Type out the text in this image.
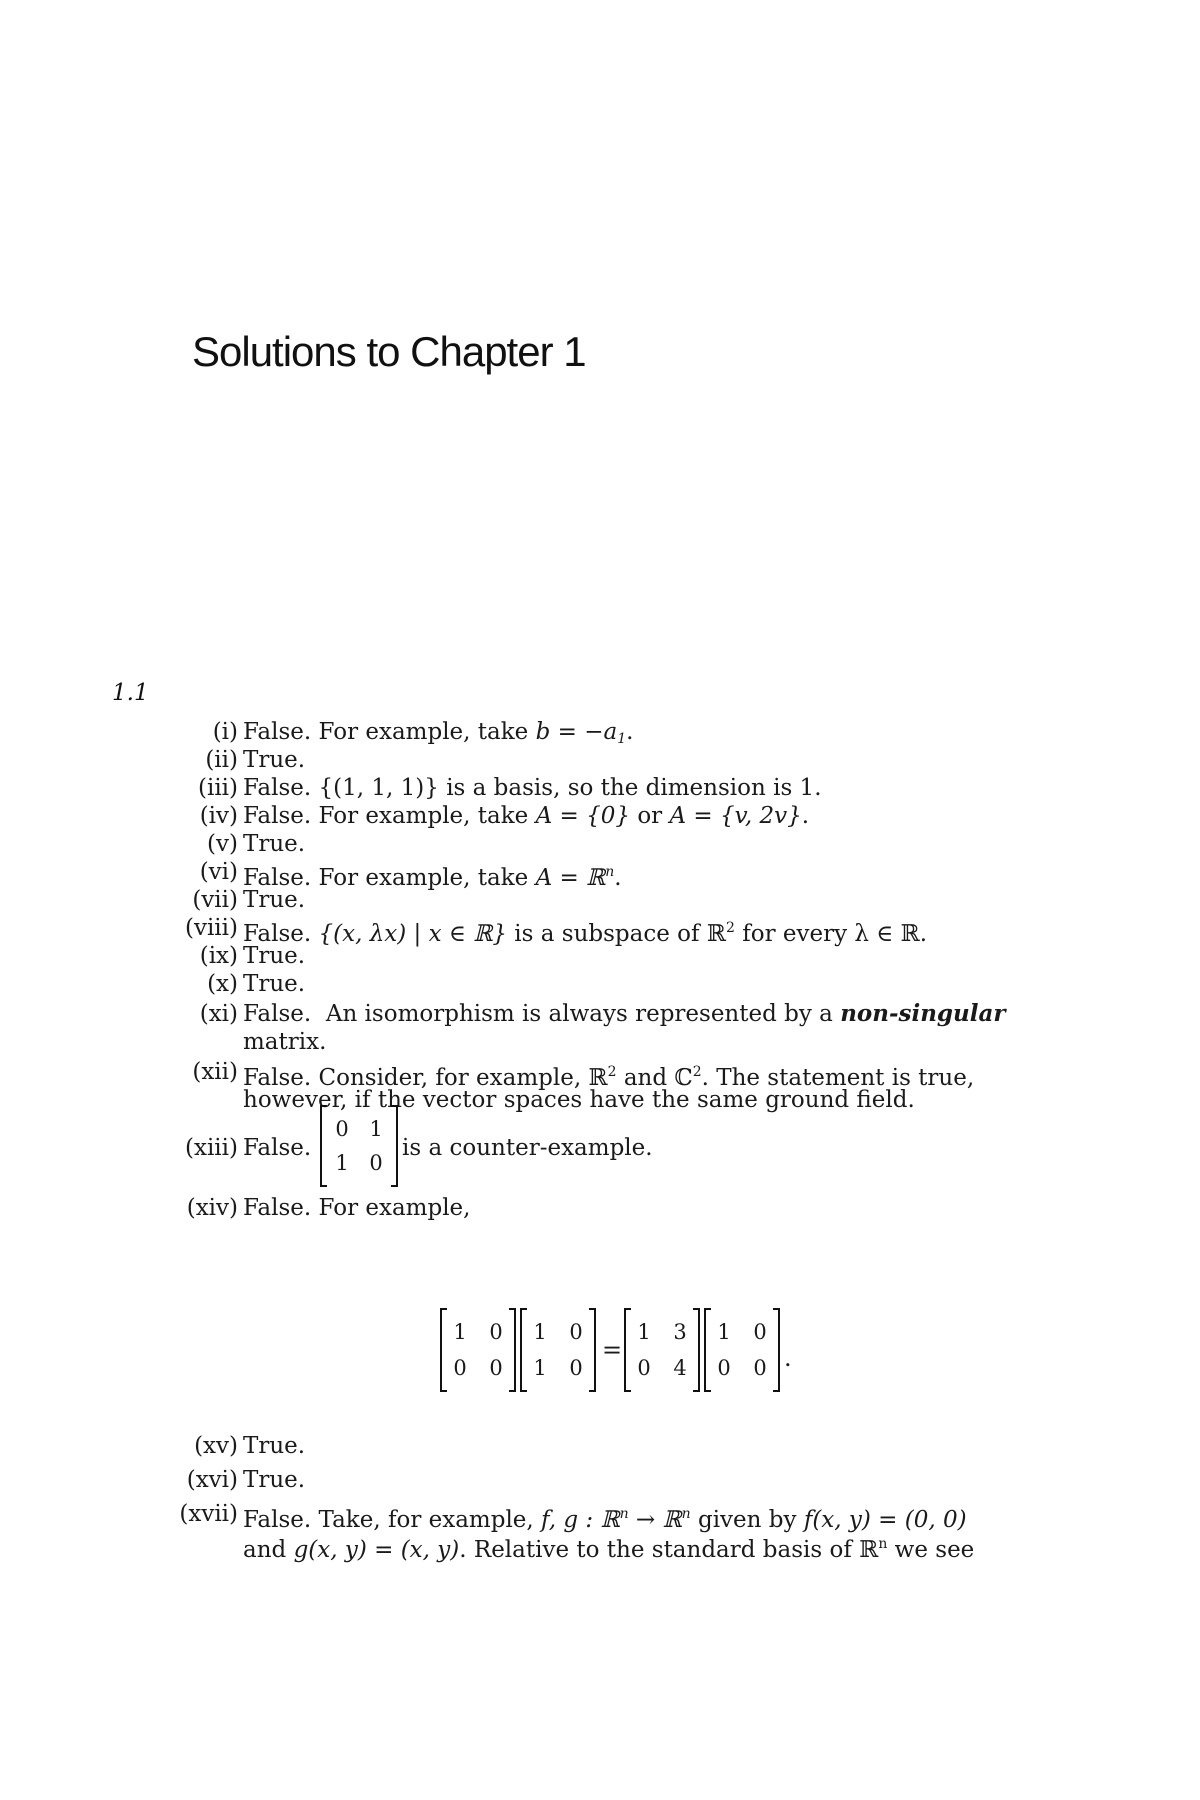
Solutions to Chapter 1
1.1
(i) False. For example, take $b = -a_1$.
(ii) True.
(iii) False. {(1, 1, 1)} is a basis, so the dimension is 1.
(iv) False. For example, take A = {0} or A = {v, 2v}.
(v) True.
(vi) False. For example, take A = ℝ$^n$.
(vii) True.
(viii) False. {(x, λx) | x ∈ ℝ} is a subspace of ℝ$^2$ for every λ ∈ ℝ.
(ix) True.
(x) True.
(xi) False. An isomorphism is always represented by a non-singular
matrix.
(xii) False. Consider, for example, ℝ$^2$ and ℂ$^2$. The statement is true,
however, if the vector spaces have the same ground field.
(xiii) False.	is a counter-example.
0 1
1 0
(xiv) False. For example,
1 0
0 0
1 0
1 0
=
1 3
0 4
1 0
0 0 .
(xv) True.
(xvi) True.
(xvii) False. Take, for example, f, g : ℝ$^n$ → ℝ$^n$ given by f(x, y) = (0, 0)
and g(x, y) = (x, y). Relative to the standard basis of ℝ$^n$ we see
